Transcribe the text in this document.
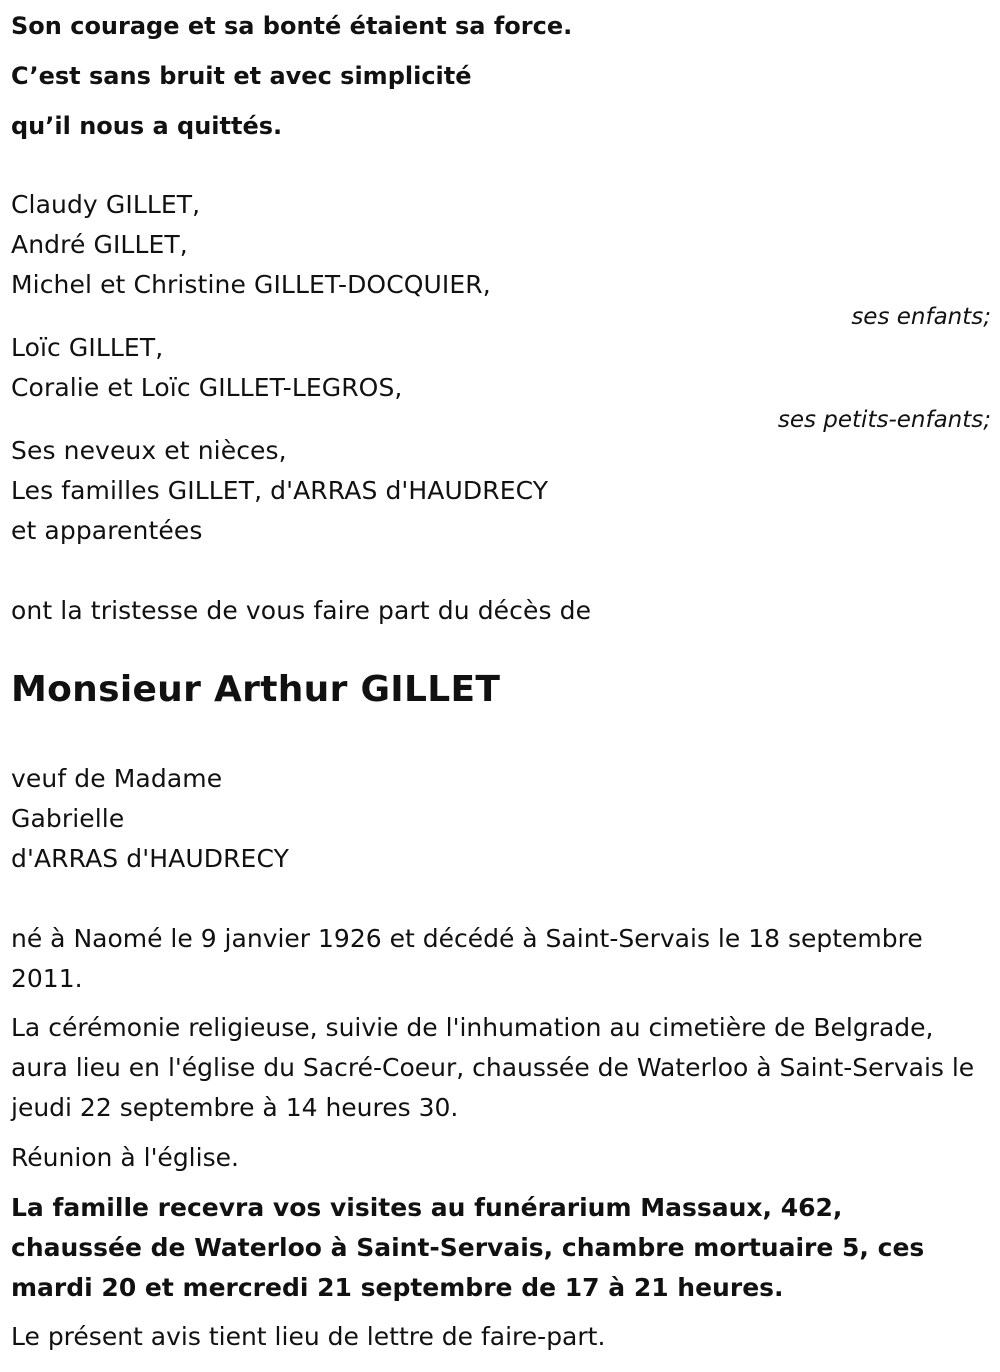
Son courage et sa bonté étaient sa force.
C’est sans bruit et avec simplicité
qu’il nous a quittés.
Claudy GILLET,
André GILLET,
Michel et Christine GILLET-DOCQUIER,
ses enfants;
Loïc GILLET,
Coralie et Loïc GILLET-LEGROS,
ses petits-enfants;
Ses neveux et nièces,
Les familles GILLET, d'ARRAS d'HAUDRECY
et apparentées
ont la tristesse de vous faire part du décès de
Monsieur Arthur GILLET
veuf de Madame
Gabrielle
d'ARRAS d'HAUDRECY
né à Naomé le 9 janvier 1926 et décédé à Saint-Servais le 18 septembre 2011.
La cérémonie religieuse, suivie de l'inhumation au cimetière de Belgrade, aura lieu en l'église du Sacré-Coeur, chaussée de Waterloo à Saint-Servais le jeudi 22 septembre à 14 heures 30.
Réunion à l'église.
La famille recevra vos visites au funérarium Massaux, 462, chaussée de Waterloo à Saint-Servais, chambre mortuaire 5, ces mardi 20 et mercredi 21 septembre de 17 à 21 heures.
Le présent avis tient lieu de lettre de faire-part.
